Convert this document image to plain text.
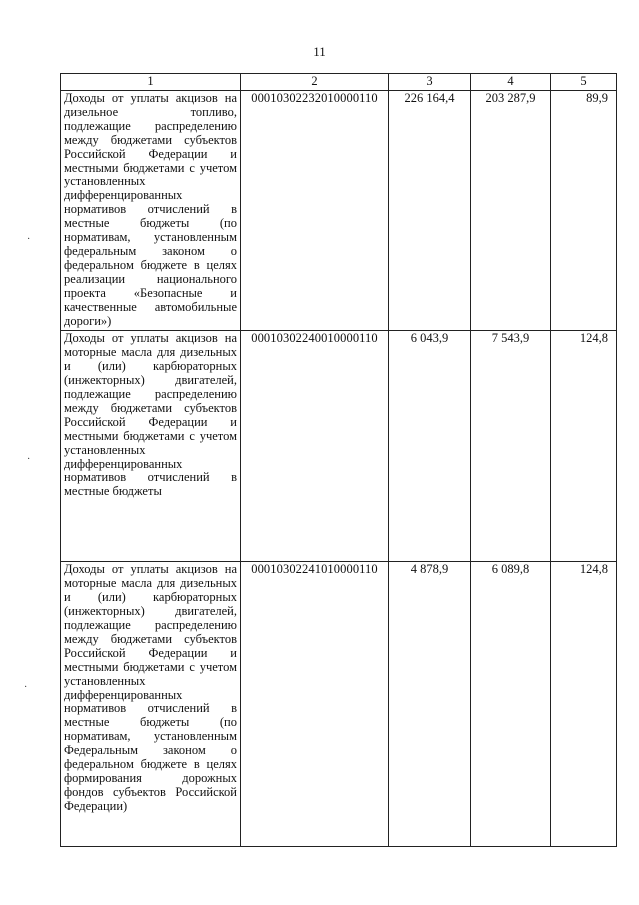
11
·
·
·
1	2	3	4	5
Доходы от уплаты акцизов на дизельное топливо, подлежащие распределению между бюджетами субъектов Российской Федерации и местными бюджетами с учетом установленных дифференцированных нормативов отчислений в местные бюджеты (по нормативам, установленным федеральным законом о федеральном бюджете в целях реализации национального проекта «Безопасные и качественные автомобильные дороги»)	00010302232010000110	226 164,4	203 287,9	89,9
Доходы от уплаты акцизов на моторные масла для дизельных и (или) карбюраторных (инжекторных) двигателей, подлежащие распределению между бюджетами субъектов Российской Федерации и местными бюджетами с учетом установленных дифференцированных нормативов отчислений в местные бюджеты	00010302240010000110	6 043,9	7 543,9	124,8
Доходы от уплаты акцизов на моторные масла для дизельных и (или) карбюраторных (инжекторных) двигателей, подлежащие распределению между бюджетами субъектов Российской Федерации и местными бюджетами с учетом установленных дифференцированных нормативов отчислений в местные бюджеты (по нормативам, установленным Федеральным законом о федеральном бюджете в целях формирования дорожных фондов субъектов Российской Федерации)	00010302241010000110	4 878,9	6 089,8	124,8
